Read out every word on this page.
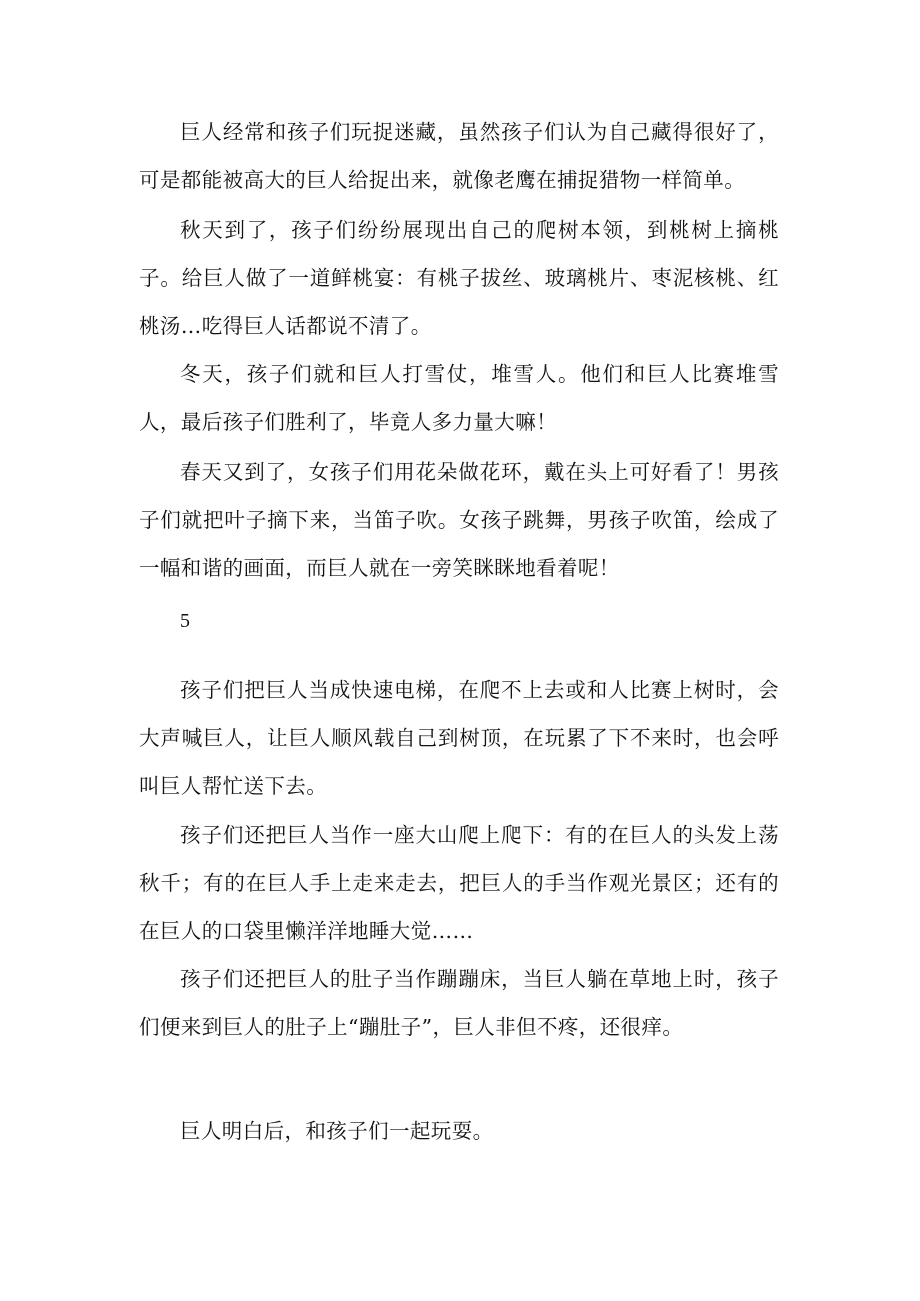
巨人经常和孩子们玩捉迷藏，虽然孩子们认为自己藏得很好了，可是都能被高大的巨人给捉出来，就像老鹰在捕捉猎物一样简单。

秋天到了，孩子们纷纷展现出自己的爬树本领，到桃树上摘桃子。给巨人做了一道鲜桃宴：有桃子拔丝、玻璃桃片、枣泥核桃、红桃汤…吃得巨人话都说不清了。

冬天，孩子们就和巨人打雪仗，堆雪人。他们和巨人比赛堆雪人，最后孩子们胜利了，毕竟人多力量大嘛！

春天又到了，女孩子们用花朵做花环，戴在头上可好看了！男孩子们就把叶子摘下来，当笛子吹。女孩子跳舞，男孩子吹笛，绘成了一幅和谐的画面，而巨人就在一旁笑眯眯地看着呢！

5

孩子们把巨人当成快速电梯，在爬不上去或和人比赛上树时，会大声喊巨人，让巨人顺风载自己到树顶，在玩累了下不来时，也会呼叫巨人帮忙送下去。

孩子们还把巨人当作一座大山爬上爬下：有的在巨人的头发上荡秋千；有的在巨人手上走来走去，把巨人的手当作观光景区；还有的在巨人的口袋里懒洋洋地睡大觉……

孩子们还把巨人的肚子当作蹦蹦床，当巨人躺在草地上时，孩子们便来到巨人的肚子上“蹦肚子”，巨人非但不疼，还很痒。

巨人明白后，和孩子们一起玩耍。
